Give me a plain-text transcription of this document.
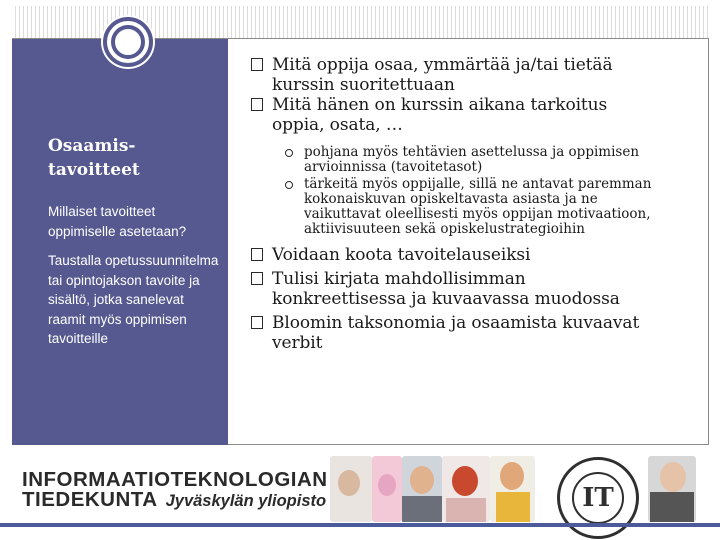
Osaamis-
tavoitteet
Millaiset tavoitteet oppimiselle asetetaan?
Taustalla opetussuunnitelma tai opintojakson tavoite ja sisältö, jotka sanelevat raamit myös oppimisen tavoitteille
Mitä oppija osaa, ymmärtää ja/tai tietää
kurssin suoritettuaan
Mitä hänen on kurssin aikana tarkoitus
oppia, osata, …
pohjana myös tehtävien asettelussa ja oppimisen
arvioinnissa (tavoitetasot)
tärkeitä myös oppijalle, sillä ne antavat paremman
kokonaiskuvan opiskeltavasta asiasta ja ne
vaikuttavat oleellisesti myös oppijan motivaatioon,
aktiivisuuteen sekä opiskelustrategioihin
Voidaan koota tavoitelauseiksi
Tulisi kirjata mahdollisimman
konkreettisessa ja kuvaavassa muodossa
Bloomin taksonomia ja osaamista kuvaavat
verbit
INFORMAATIOTEKNOLOGIAN
TIEDEKUNTA Jyväskylän yliopisto	IT
